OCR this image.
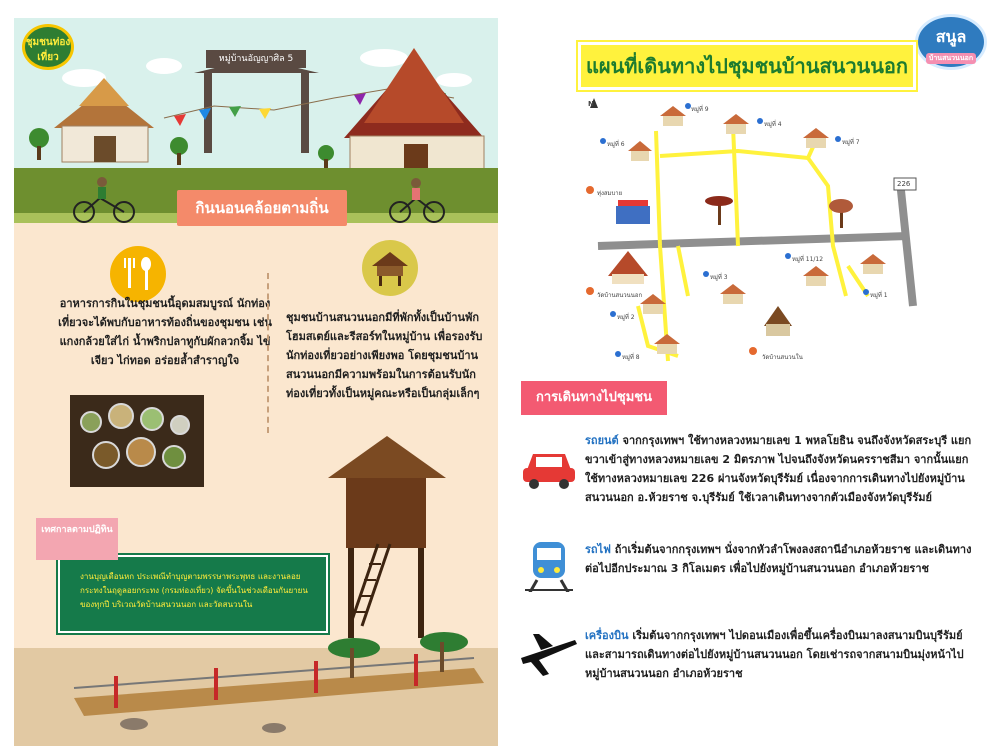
ชุมชนท่องเที่ยว	หมู่บ้านอัญญาศิล 5
กินนอนคล้อยตามถิ่น
อาหารการกินในชุมชนนี้อุดมสมบูรณ์ นักท่องเที่ยวจะได้พบกับอาหารท้องถิ่นของชุมชน เช่น แกงกล้วยใส่ไก่ น้ำพริกปลาทูกับผักลวกจิ้ม ไข่เจียว ไก่ทอด อร่อยล้ำสำราญใจ
ชุมชนบ้านสนวนนอกมีที่พักทั้งเป็นบ้านพักโฮมสเตย์และรีสอร์ทในหมู่บ้าน เพื่อรองรับนักท่องเที่ยวอย่างเพียงพอ โดยชุมชนบ้านสนวนนอกมีความพร้อมในการต้อนรับนักท่องเที่ยวทั้งเป็นหมู่คณะหรือเป็นกลุ่มเล็กๆ
เทศกาลตามปฏิทิน
งานบุญเดือนหก ประเพณีทำบุญตามพรรษาพระพุทธ และงานลอยกระทงในฤดูลอยกระทง (กรมท่องเที่ยว) จัดขึ้นในช่วงเดือนกันยายนของทุกปี บริเวณวัดบ้านสนวนนอก และวัดสนวนใน
สนูล
บ้านสนวนนอก
แผนที่เดินทางไปชุมชนบ้านสนวนนอก
หมู่ที่ 9
หมู่ที่ 4
หมู่ที่ 6	หมู่ที่ 7
หมู่ที่ 3
หมู่ที่ 11/12
หมู่ที่ 1
หมู่ที่ 2
หมู่ที่ 8
ทุ่งสมบาย
วัดบ้านสนวนนอก
วัดบ้านสนวนใน
N
226
การเดินทางไปชุมชน
รถยนต์ จากกรุงเทพฯ ใช้ทางหลวงหมายเลข 1 พหลโยธิน จนถึงจังหวัดสระบุรี แยกขวาเข้าสู่ทางหลวงหมายเลข 2 มิตรภาพ ไปจนถึงจังหวัดนครราชสีมา จากนั้นแยกใช้ทางหลวงหมายเลข 226 ผ่านจังหวัดบุรีรัมย์ เนื่องจากการเดินทางไปยังหมู่บ้านสนวนนอก อ.ห้วยราช จ.บุรีรัมย์ ใช้เวลาเดินทางจากตัวเมืองจังหวัดบุรีรัมย์
รถไฟ ถ้าเริ่มต้นจากกรุงเทพฯ นั่งจากหัวลำโพงลงสถานีอำเภอห้วยราช และเดินทางต่อไปอีกประมาณ 3 กิโลเมตร เพื่อไปยังหมู่บ้านสนวนนอก อำเภอห้วยราช
เครื่องบิน เริ่มต้นจากกรุงเทพฯ ไปดอนเมืองเพื่อขึ้นเครื่องบินมาลงสนามบินบุรีรัมย์ และสามารถเดินทางต่อไปยังหมู่บ้านสนวนนอก โดยเช่ารถจากสนามบินมุ่งหน้าไปหมู่บ้านสนวนนอก อำเภอห้วยราช
